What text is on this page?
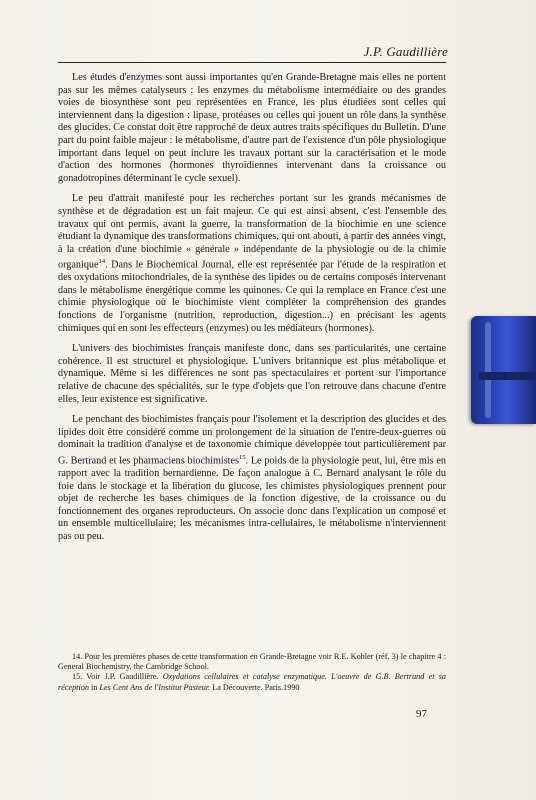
J.P. Gaudillière

Les études d'enzymes sont aussi importantes qu'en Grande-Bretagne mais elles ne portent pas sur les mêmes catalyseurs : les enzymes du métabolisme intermédiaire ou des grandes voies de biosynthèse sont peu représentées en France, les plus étudiées sont celles qui interviennent dans la digestion : lipase, protéases ou celles qui jouent un rôle dans la synthèse des glucides. Ce constat doit être rapproché de deux autres traits spécifiques du Bulletin. D'une part du point faible majeur : le métabolisme, d'autre part de l'existence d'un pôle physiologique important dans lequel on peut inclure les travaux portant sur la caractérisation et le mode d'action des hormones (hormones thyroïdiennes intervenant dans la croissance ou gonadotropines déterminant le cycle sexuel).

Le peu d'attrait manifesté pour les recherches portant sur les grands mécanismes de synthèse et de dégradation est un fait majeur. Ce qui est ainsi absent, c'est l'ensemble des travaux qui ont permis, avant la guerre, la transformation de la biochimie en une science étudiant la dynamique des transformations chimiques, qui ont abouti, à partir des années vingt, à la création d'une biochimie « générale » indépendante de la physiologie ou de la chimie organique$^{14}$. Dans le Biochemical Journal, elle est représentée par l'étude de la respiration et des oxydations mitochondriales, de la synthèse des lipides ou de certains composés intervenant dans le métabolisme énergétique comme les quinones. Ce qui la remplace en France c'est une chimie physiologique où le biochimiste vient compléter la compréhension des grandes fonctions de l'organisme (nutrition, reproduction, digestion...) en précisant les agents chimiques qui en sont les effecteurs (enzymes) ou les médiateurs (hormones).

L'univers des biochimistes français manifeste donc, dans ses particularités, une certaine cohérence. Il est structurel et physiologique. L'univers britannique est plus métabolique et dynamique. Même si les différences ne sont pas spectaculaires et portent sur l'importance relative de chacune des spécialités, sur le type d'objets que l'on retrouve dans chacune d'entre elles, leur existence est significative.

Le penchant des biochimistes français pour l'isolement et la description des glucides et des lipides doit être considéré comme un prolongement de la situation de l'entre-deux-guerres où dominait la tradition d'analyse et de taxonomie chimique développée tout particulièrement par G. Bertrand et les pharmaciens biochimistes$^{15}$. Le poids de la physiologie peut, lui, être mis en rapport avec la tradition bernardienne. De façon analogue à C. Bernard analysant le rôle du foie dans le stockage et la libération du glucose, les chimistes physiologiques prennent pour objet de recherche les bases chimiques de la fonction digestive, de la croissance ou du fonctionnement des organes reproducteurs. On associe donc dans l'explication un composé et un ensemble multicellulaire; les mécanismes intra-cellulaires, le métabolisme n'interviennent pas ou peu.

14. Pour les premières phases de cette transformation en Grande-Bretagne voir R.E. Kohler (réf. 3) le chapitre 4 : General Biochemistry, the Cambridge School.

15. Voir J.P. Gaudillière. Oxydations cellulaires et catalyse enzymatique. L'oeuvre de G.B. Bertrand et sa réception in Les Cent Ans de l'Institut Pasteur. La Découverte. Paris.1990

97
